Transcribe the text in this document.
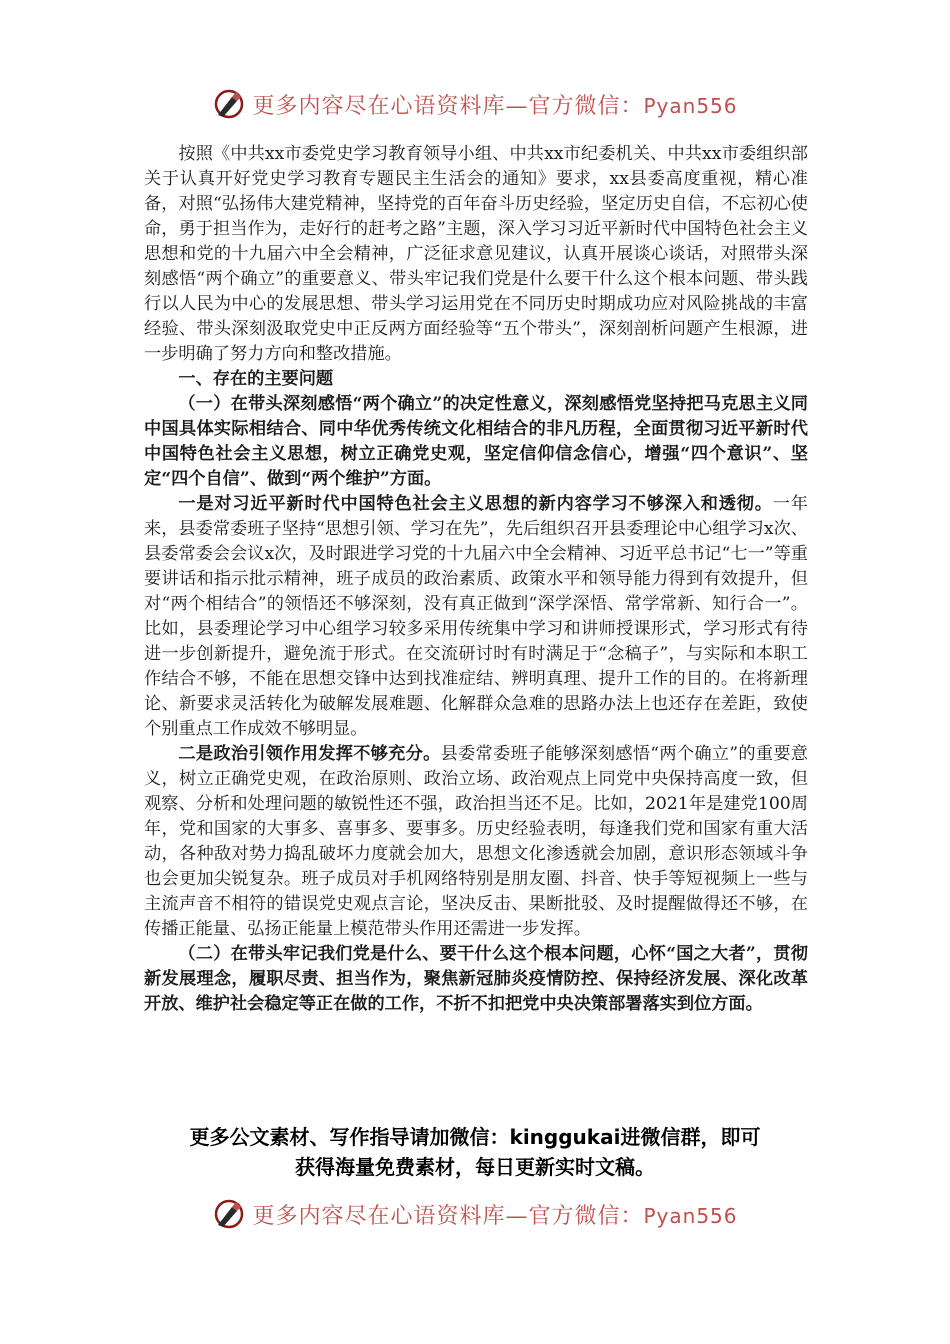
更多内容尽在心语资料库—官方微信：Pyan556

按照《中共xx市委党史学习教育领导小组、中共xx市纪委机关、中共xx市委组织部关于认真开好党史学习教育专题民主生活会的通知》要求，xx县委高度重视，精心准备，对照“弘扬伟大建党精神，坚持党的百年奋斗历史经验，坚定历史自信，不忘初心使命，勇于担当作为，走好行的赶考之路”主题，深入学习习近平新时代中国特色社会主义思想和党的十九届六中全会精神，广泛征求意见建议，认真开展谈心谈话，对照带头深刻感悟“两个确立”的重要意义、带头牢记我们党是什么要干什么这个根本问题、带头践行以人民为中心的发展思想、带头学习运用党在不同历史时期成功应对风险挑战的丰富经验、带头深刻汲取党史中正反两方面经验等“五个带头”，深刻剖析问题产生根源，进一步明确了努力方向和整改措施。

一、存在的主要问题

（一）在带头深刻感悟“两个确立”的决定性意义，深刻感悟党坚持把马克思主义同中国具体实际相结合、同中华优秀传统文化相结合的非凡历程，全面贯彻习近平新时代中国特色社会主义思想，树立正确党史观，坚定信仰信念信心，增强“四个意识”、坚定“四个自信”、做到“两个维护”方面。

一是对习近平新时代中国特色社会主义思想的新内容学习不够深入和透彻。一年来，县委常委班子坚持“思想引领、学习在先”，先后组织召开县委理论中心组学习x次、县委常委会会议x次，及时跟进学习党的十九届六中全会精神、习近平总书记“七一”等重要讲话和指示批示精神，班子成员的政治素质、政策水平和领导能力得到有效提升，但对“两个相结合”的领悟还不够深刻，没有真正做到“深学深悟、常学常新、知行合一”。比如，县委理论学习中心组学习较多采用传统集中学习和讲师授课形式，学习形式有待进一步创新提升，避免流于形式。在交流研讨时有时满足于“念稿子”，与实际和本职工作结合不够，不能在思想交锋中达到找准症结、辨明真理、提升工作的目的。在将新理论、新要求灵活转化为破解发展难题、化解群众急难的思路办法上也还存在差距，致使个别重点工作成效不够明显。

二是政治引领作用发挥不够充分。县委常委班子能够深刻感悟“两个确立”的重要意义，树立正确党史观，在政治原则、政治立场、政治观点上同党中央保持高度一致，但观察、分析和处理问题的敏锐性还不强，政治担当还不足。比如，2021年是建党100周年，党和国家的大事多、喜事多、要事多。历史经验表明，每逢我们党和国家有重大活动，各种敌对势力捣乱破坏力度就会加大，思想文化渗透就会加剧，意识形态领域斗争也会更加尖锐复杂。班子成员对手机网络特别是朋友圈、抖音、快手等短视频上一些与主流声音不相符的错误党史观点言论，坚决反击、果断批驳、及时提醒做得还不够，在传播正能量、弘扬正能量上模范带头作用还需进一步发挥。

（二）在带头牢记我们党是什么、要干什么这个根本问题，心怀“国之大者”，贯彻新发展理念，履职尽责、担当作为，聚焦新冠肺炎疫情防控、保持经济发展、深化改革开放、维护社会稳定等正在做的工作，不折不扣把党中央决策部署落实到位方面。

更多公文素材、写作指导请加微信：kinggukai进微信群，即可
获得海量免费素材，每日更新实时文稿。
更多内容尽在心语资料库—官方微信：Pyan556
